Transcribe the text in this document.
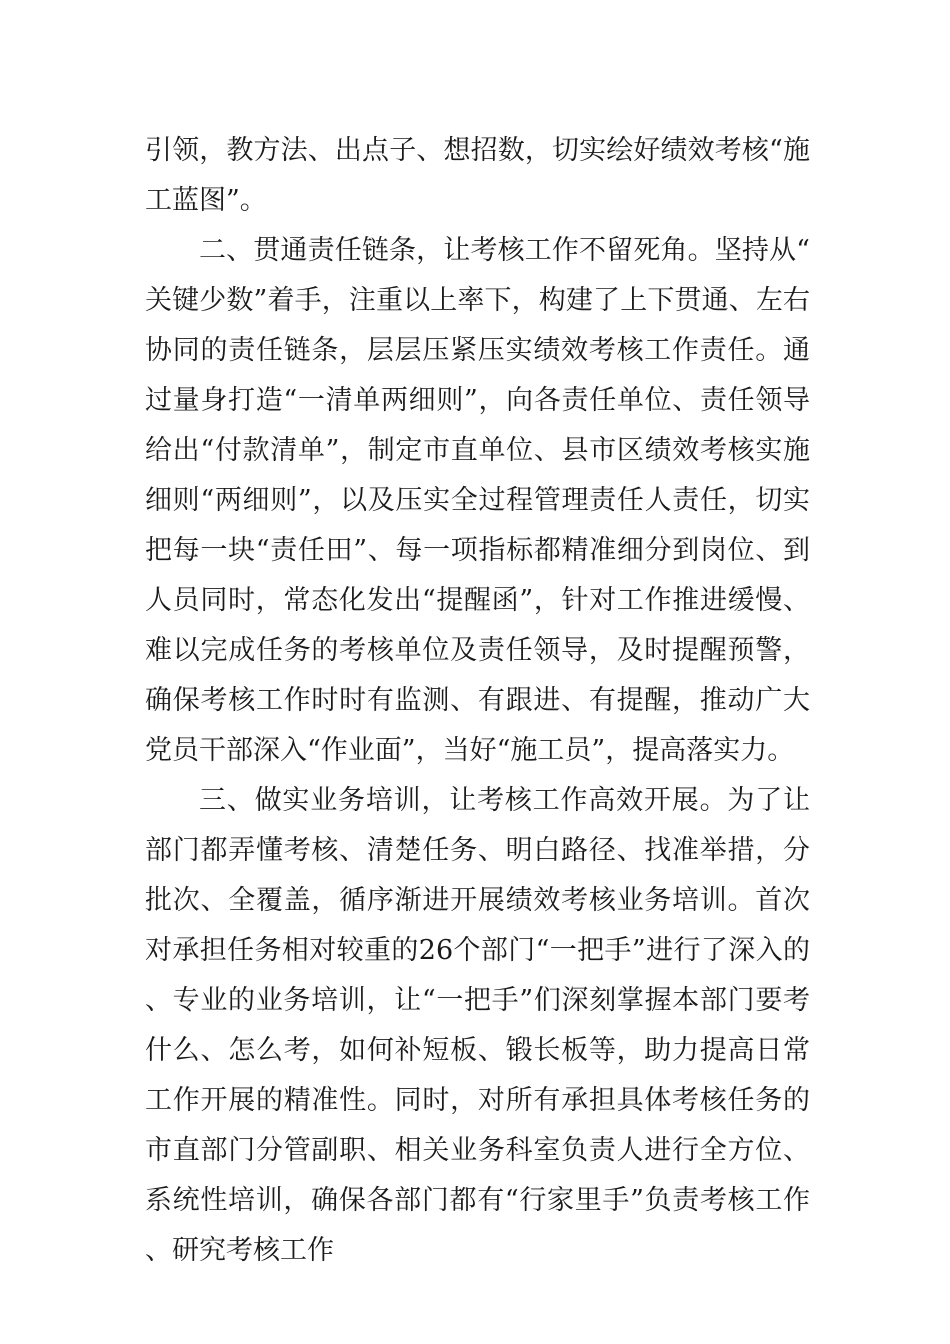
引领，教方法、出点子、想招数，切实绘好绩效考核“施工蓝图”。

二、贯通责任链条，让考核工作不留死角。坚持从“关键少数”着手，注重以上率下，构建了上下贯通、左右协同的责任链条，层层压紧压实绩效考核工作责任。通过量身打造“一清单两细则”，向各责任单位、责任领导给出“付款清单”，制定市直单位、县市区绩效考核实施细则“两细则”，以及压实全过程管理责任人责任，切实把每一块“责任田”、每一项指标都精准细分到岗位、到人员同时，常态化发出“提醒函”，针对工作推进缓慢、难以完成任务的考核单位及责任领导，及时提醒预警，确保考核工作时时有监测、有跟进、有提醒，推动广大党员干部深入“作业面”，当好“施工员”，提高落实力。

三、做实业务培训，让考核工作高效开展。为了让部门都弄懂考核、清楚任务、明白路径、找准举措，分批次、全覆盖，循序渐进开展绩效考核业务培训。首次对承担任务相对较重的26个部门“一把手”进行了深入的、专业的业务培训，让“一把手”们深刻掌握本部门要考什么、怎么考，如何补短板、锻长板等，助力提高日常工作开展的精准性。同时，对所有承担具体考核任务的市直部门分管副职、相关业务科室负责人进行全方位、系统性培训，确保各部门都有“行家里手”负责考核工作、研究考核工作
